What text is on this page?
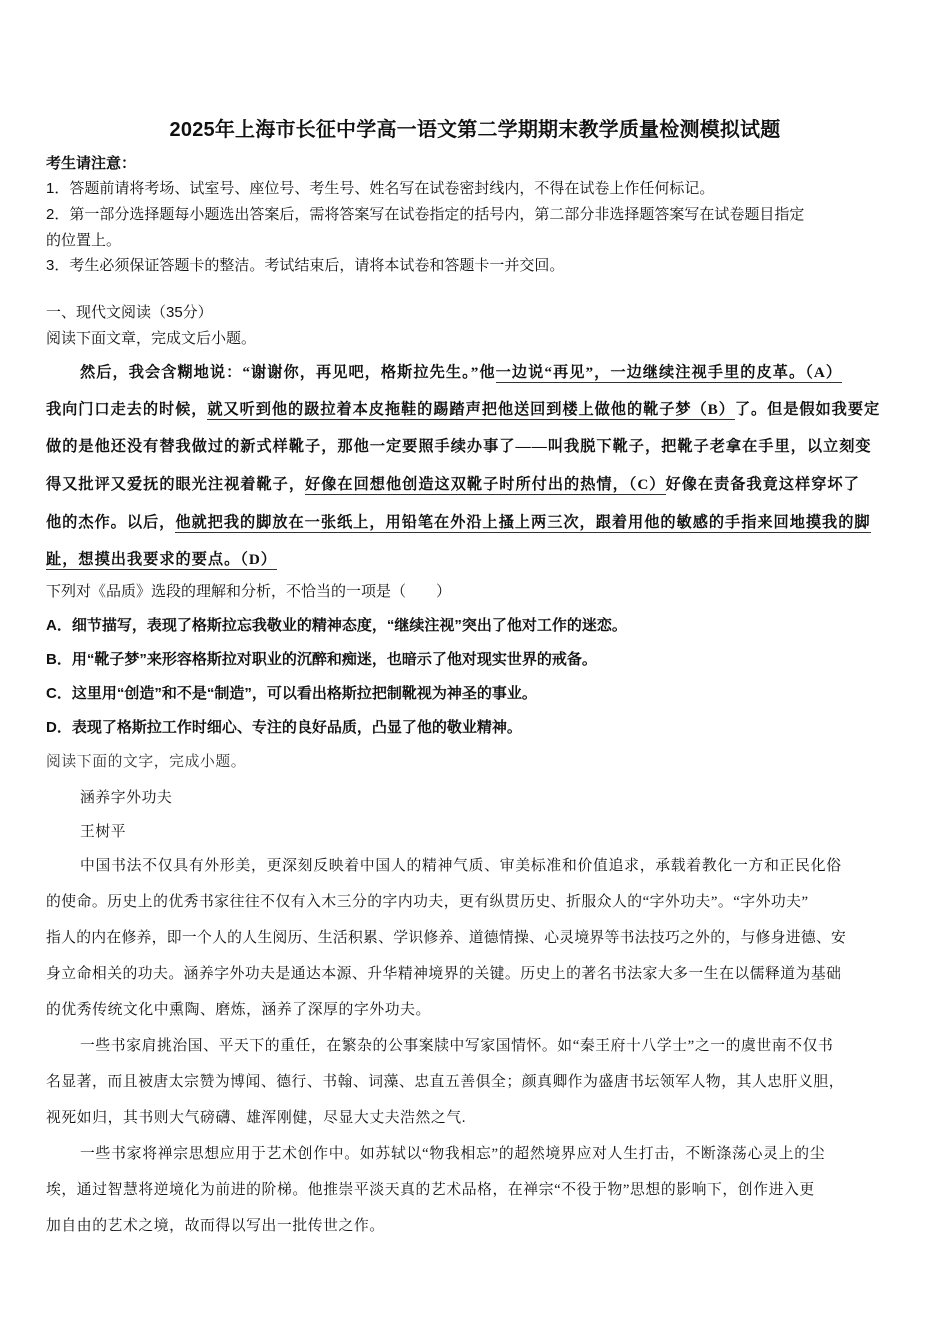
2025年上海市长征中学高一语文第二学期期末教学质量检测模拟试题
考生请注意：
1．答题前请将考场、试室号、座位号、考生号、姓名写在试卷密封线内，不得在试卷上作任何标记。
2．第一部分选择题每小题选出答案后，需将答案写在试卷指定的括号内，第二部分非选择题答案写在试卷题目指定
的位置上。
3．考生必须保证答题卡的整洁。考试结束后，请将本试卷和答题卡一并交回。
一、现代文阅读（35分）
阅读下面文章，完成文后小题。
然后，我会含糊地说：“谢谢你，再见吧，格斯拉先生。”他一边说“再见”，一边继续注视手里的皮革。（A）
我向门口走去的时候，就又听到他的趿拉着本皮拖鞋的踢踏声把他送回到楼上做他的靴子梦（B）了。但是假如我要定
做的是他还没有替我做过的新式样靴子，那他一定要照手续办事了——叫我脱下靴子，把靴子老拿在手里，以立刻变
得又批评又爱抚的眼光注视着靴子，好像在回想他创造这双靴子时所付出的热情，（C）好像在责备我竟这样穿坏了
他的杰作。以后，他就把我的脚放在一张纸上，用铅笔在外沿上搔上两三次，跟着用他的敏感的手指来回地摸我的脚
趾，想摸出我要求的要点。（D）
下列对《品质》选段的理解和分析，不恰当的一项是（　　）
A．细节描写，表现了格斯拉忘我敬业的精神态度，“继续注视”突出了他对工作的迷恋。
B．用“靴子梦”来形容格斯拉对职业的沉醉和痴迷，也暗示了他对现实世界的戒备。
C．这里用“创造”和不是“制造”，可以看出格斯拉把制靴视为神圣的事业。
D．表现了格斯拉工作时细心、专注的良好品质，凸显了他的敬业精神。
阅读下面的文字，完成小题。
涵养字外功夫
王树平
中国书法不仅具有外形美，更深刻反映着中国人的精神气质、审美标准和价值追求，承载着教化一方和正民化俗
的使命。历史上的优秀书家往往不仅有入木三分的字内功夫，更有纵贯历史、折服众人的“字外功夫”。“字外功夫”
指人的内在修养，即一个人的人生阅历、生活积累、学识修养、道德情操、心灵境界等书法技巧之外的，与修身进德、安
身立命相关的功夫。涵养字外功夫是通达本源、升华精神境界的关键。历史上的著名书法家大多一生在以儒释道为基础
的优秀传统文化中熏陶、磨炼，涵养了深厚的字外功夫。
一些书家肩挑治国、平天下的重任，在繁杂的公事案牍中写家国情怀。如“秦王府十八学士”之一的虞世南不仅书
名显著，而且被唐太宗赞为博闻、德行、书翰、词藻、忠直五善俱全；颜真卿作为盛唐书坛领军人物，其人忠肝义胆，
视死如归，其书则大气磅礴、雄浑刚健，尽显大丈夫浩然之气.
一些书家将禅宗思想应用于艺术创作中。如苏轼以“物我相忘”的超然境界应对人生打击，不断涤荡心灵上的尘
埃，通过智慧将逆境化为前进的阶梯。他推崇平淡天真的艺术品格，在禅宗“不役于物”思想的影响下，创作进入更
加自由的艺术之境，故而得以写出一批传世之作。
